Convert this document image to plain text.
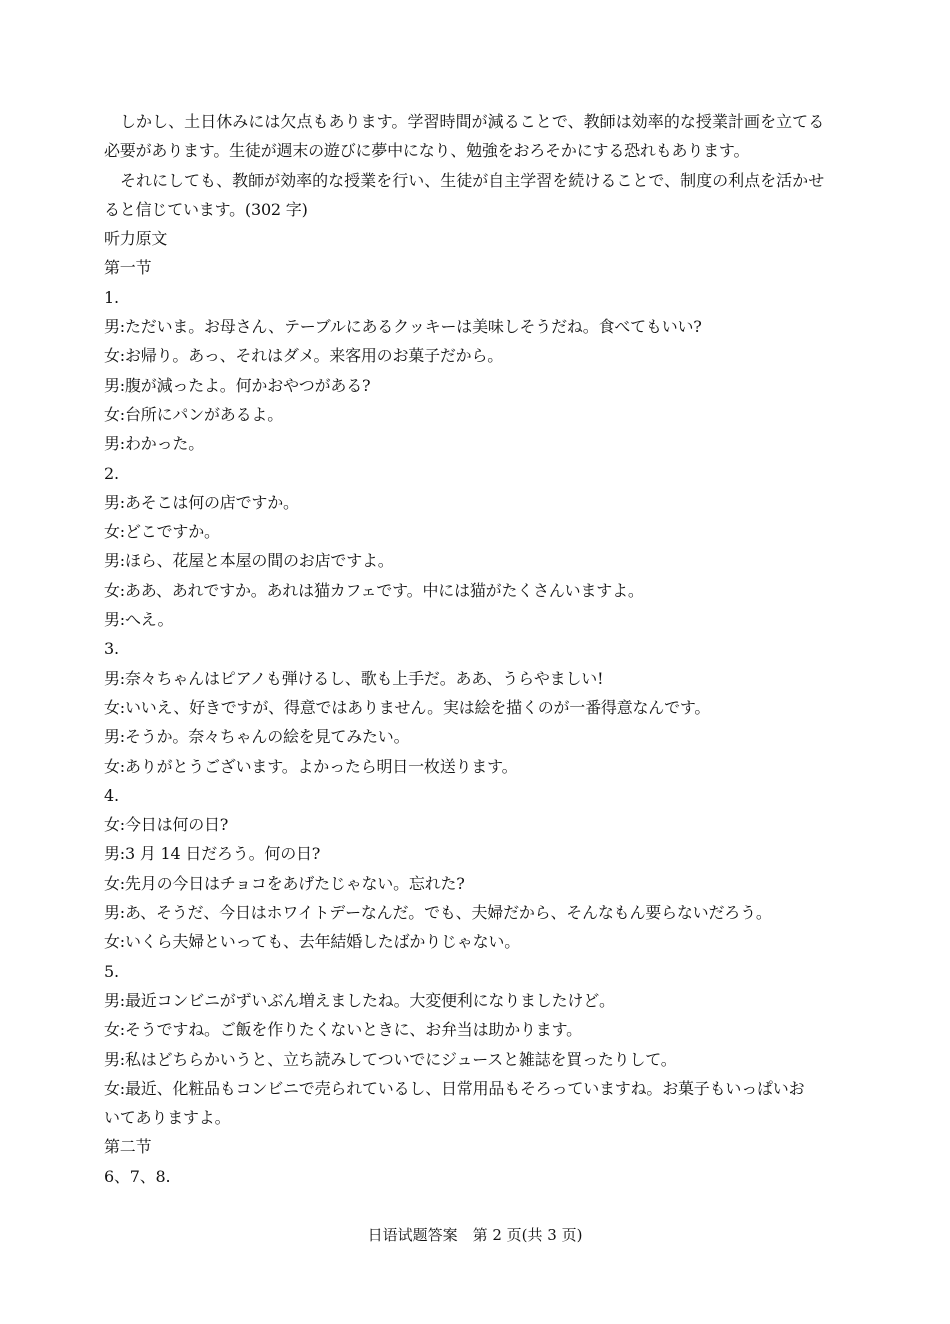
しかし、土日休みには欠点もあります。学習時間が減ることで、教師は効率的な授業計画を立てる必要があります。生徒が週末の遊びに夢中になり、勉強をおろそかにする恐れもあります。

それにしても、教師が効率的な授業を行い、生徒が自主学習を続けることで、制度の利点を活かせると信じています。(302 字)

听力原文

第一节

1.

男:ただいま。お母さん、テーブルにあるクッキーは美味しそうだね。食べてもいい?

女:お帰り。あっ、それはダメ。来客用のお菓子だから。

男:腹が減ったよ。何かおやつがある?

女:台所にパンがあるよ。

男:わかった。

2.

男:あそこは何の店ですか。

女:どこですか。

男:ほら、花屋と本屋の間のお店ですよ。

女:ああ、あれですか。あれは猫カフェです。中には猫がたくさんいますよ。

男:へえ。

3.

男:奈々ちゃんはピアノも弾けるし、歌も上手だ。ああ、うらやましい!

女:いいえ、好きですが、得意ではありません。実は絵を描くのが一番得意なんです。

男:そうか。奈々ちゃんの絵を見てみたい。

女:ありがとうございます。よかったら明日一枚送ります。

4.

女:今日は何の日?

男:3 月 14 日だろう。何の日?

女:先月の今日はチョコをあげたじゃない。忘れた?

男:あ、そうだ、今日はホワイトデーなんだ。でも、夫婦だから、そんなもん要らないだろう。

女:いくら夫婦といっても、去年結婚したばかりじゃない。

5.

男:最近コンビニがずいぶん増えましたね。大変便利になりましたけど。

女:そうですね。ご飯を作りたくないときに、お弁当は助かります。

男:私はどちらかいうと、立ち読みしてついでにジュースと雑誌を買ったりして。

女:最近、化粧品もコンビニで売られているし、日常用品もそろっていますね。お菓子もいっぱいお

いてありますよ。

第二节

6、7、8.

日语试题答案　第 2 页(共 3 页)
